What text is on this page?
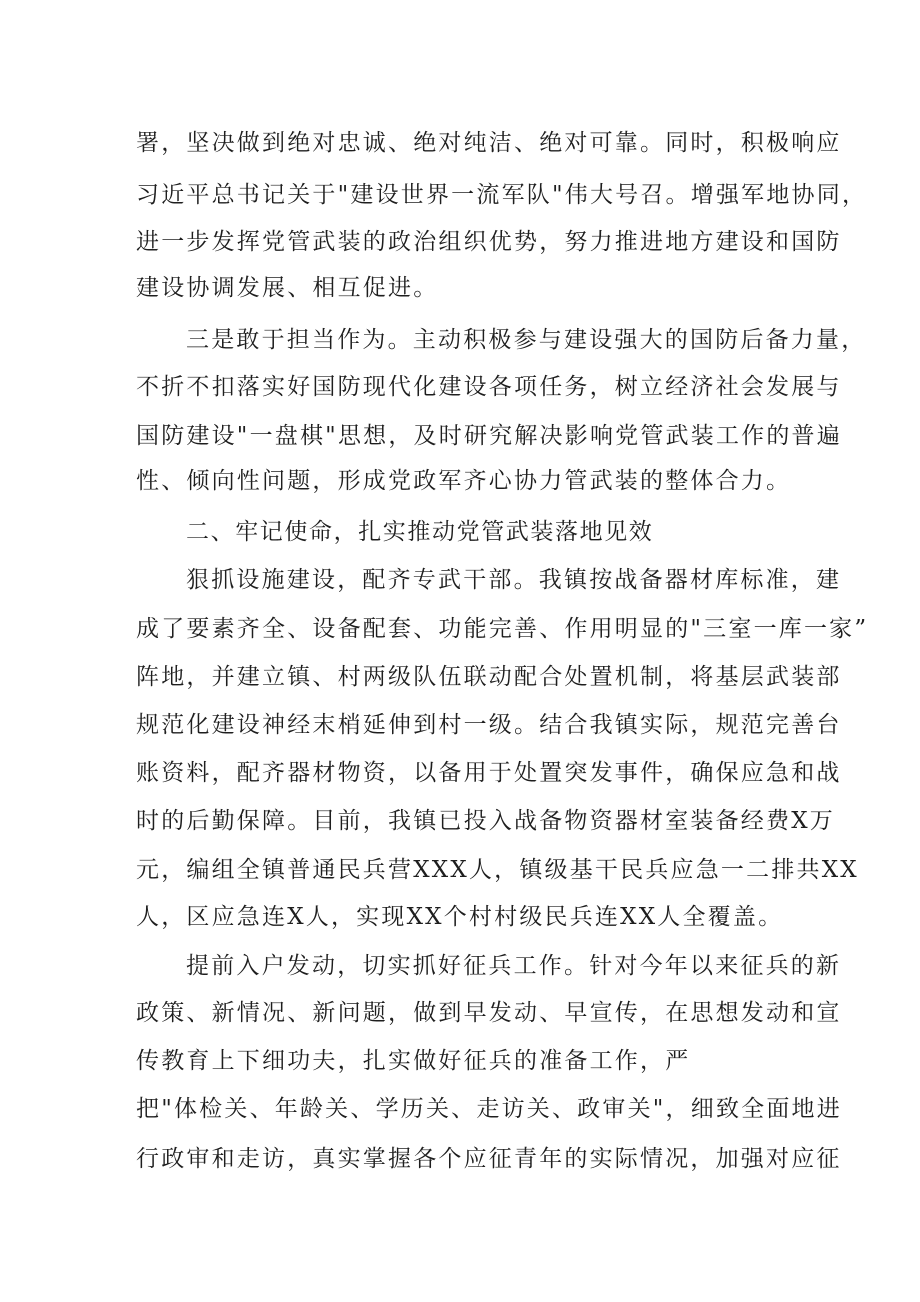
署，坚决做到绝对忠诚、绝对纯洁、绝对可靠。同时，积极响应
习近平总书记关于"建设世界一流军队"伟大号召。增强军地协同，
进一步发挥党管武装的政治组织优势，努力推进地方建设和国防
建设协调发展、相互促进。
三是敢于担当作为。主动积极参与建设强大的国防后备力量，
不折不扣落实好国防现代化建设各项任务，树立经济社会发展与
国防建设"一盘棋"思想，及时研究解决影响党管武装工作的普遍
性、倾向性问题，形成党政军齐心协力管武装的整体合力。
二、牢记使命，扎实推动党管武装落地见效
狠抓设施建设，配齐专武干部。我镇按战备器材库标准，建
成了要素齐全、设备配套、功能完善、作用明显的"三室一库一家”
阵地，并建立镇、村两级队伍联动配合处置机制，将基层武装部
规范化建设神经末梢延伸到村一级。结合我镇实际，规范完善台
账资料，配齐器材物资，以备用于处置突发事件，确保应急和战
时的后勤保障。目前，我镇已投入战备物资器材室装备经费X万
元，编组全镇普通民兵营XXX人，镇级基干民兵应急一二排共XX
人，区应急连X人，实现XX个村村级民兵连XX人全覆盖。
提前入户发动，切实抓好征兵工作。针对今年以来征兵的新
政策、新情况、新问题，做到早发动、早宣传，在思想发动和宣
传教育上下细功夫，扎实做好征兵的准备工作，严
把"体检关、年龄关、学历关、走访关、政审关"，细致全面地进
行政审和走访，真实掌握各个应征青年的实际情况，加强对应征
